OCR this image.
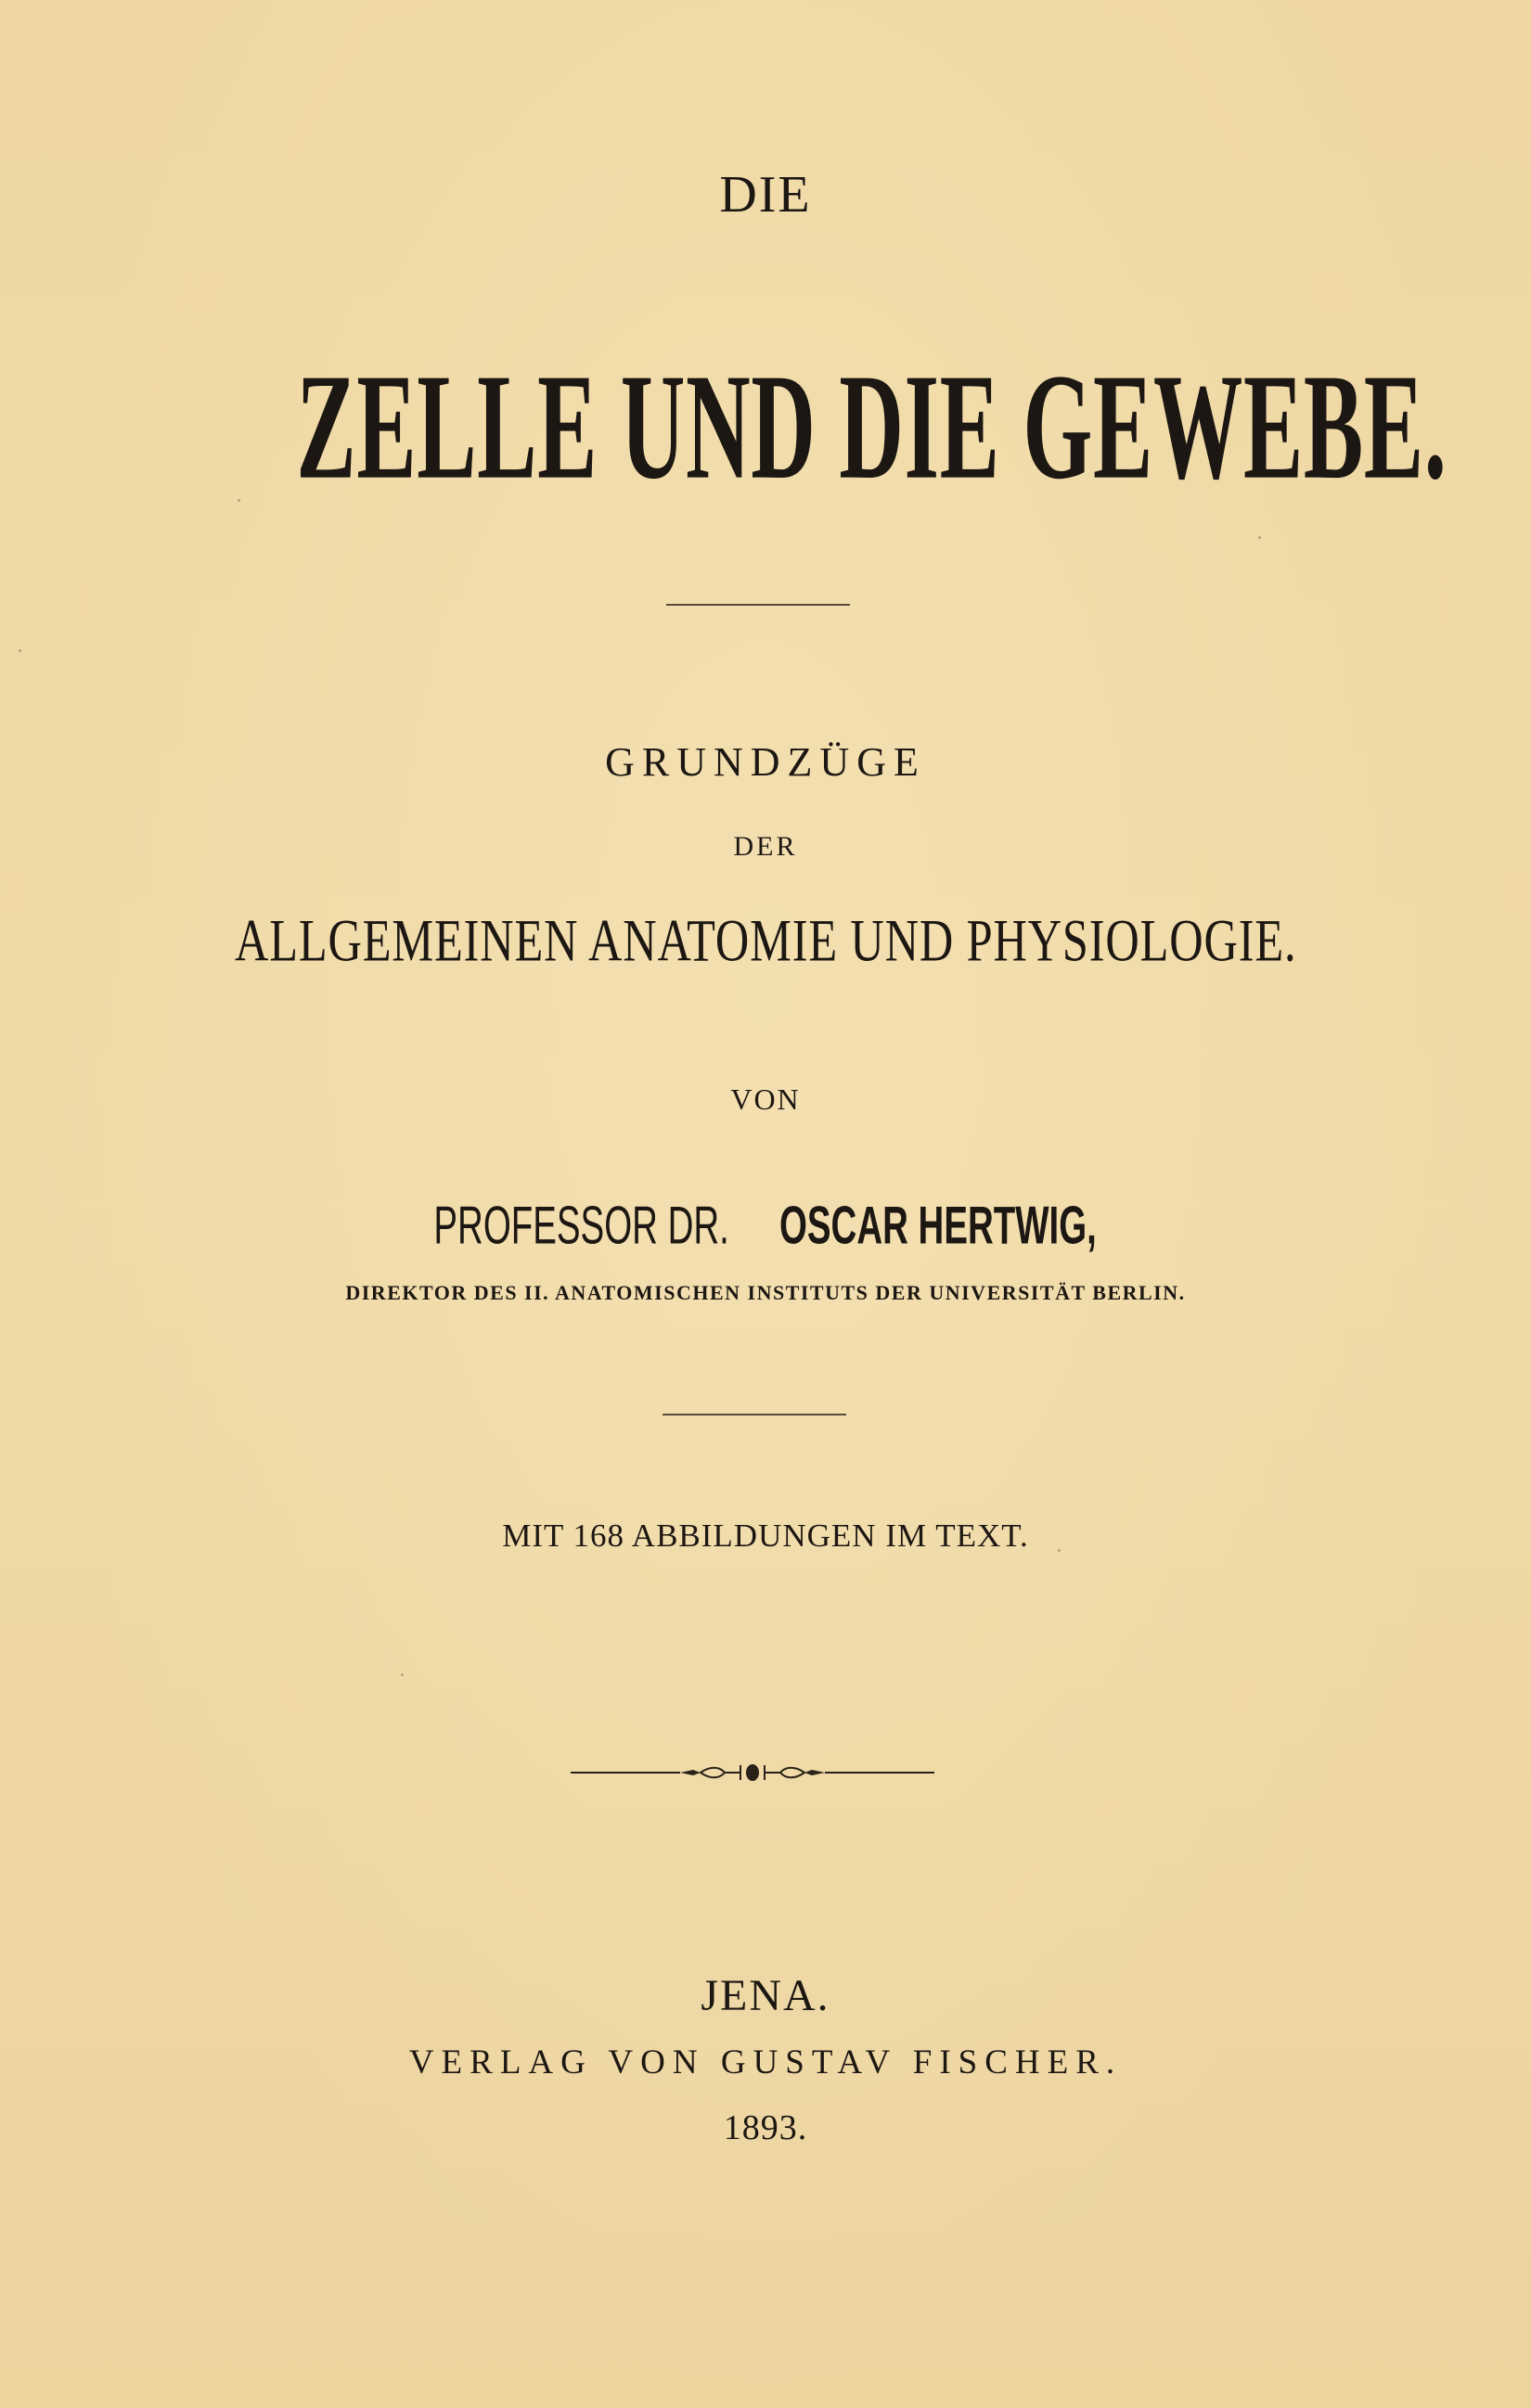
DIE

ZELLE UND DIE GEWEBE.

GRUNDZÜGE

DER

ALLGEMEINEN ANATOMIE UND PHYSIOLOGIE.

VON

PROFESSOR DR.OSCAR HERTWIG,

DIREKTOR DES II. ANATOMISCHEN INSTITUTS DER UNIVERSITÄT BERLIN.

MIT 168 ABBILDUNGEN IM TEXT.

JENA.

VERLAG VON GUSTAV FISCHER.

1893.
